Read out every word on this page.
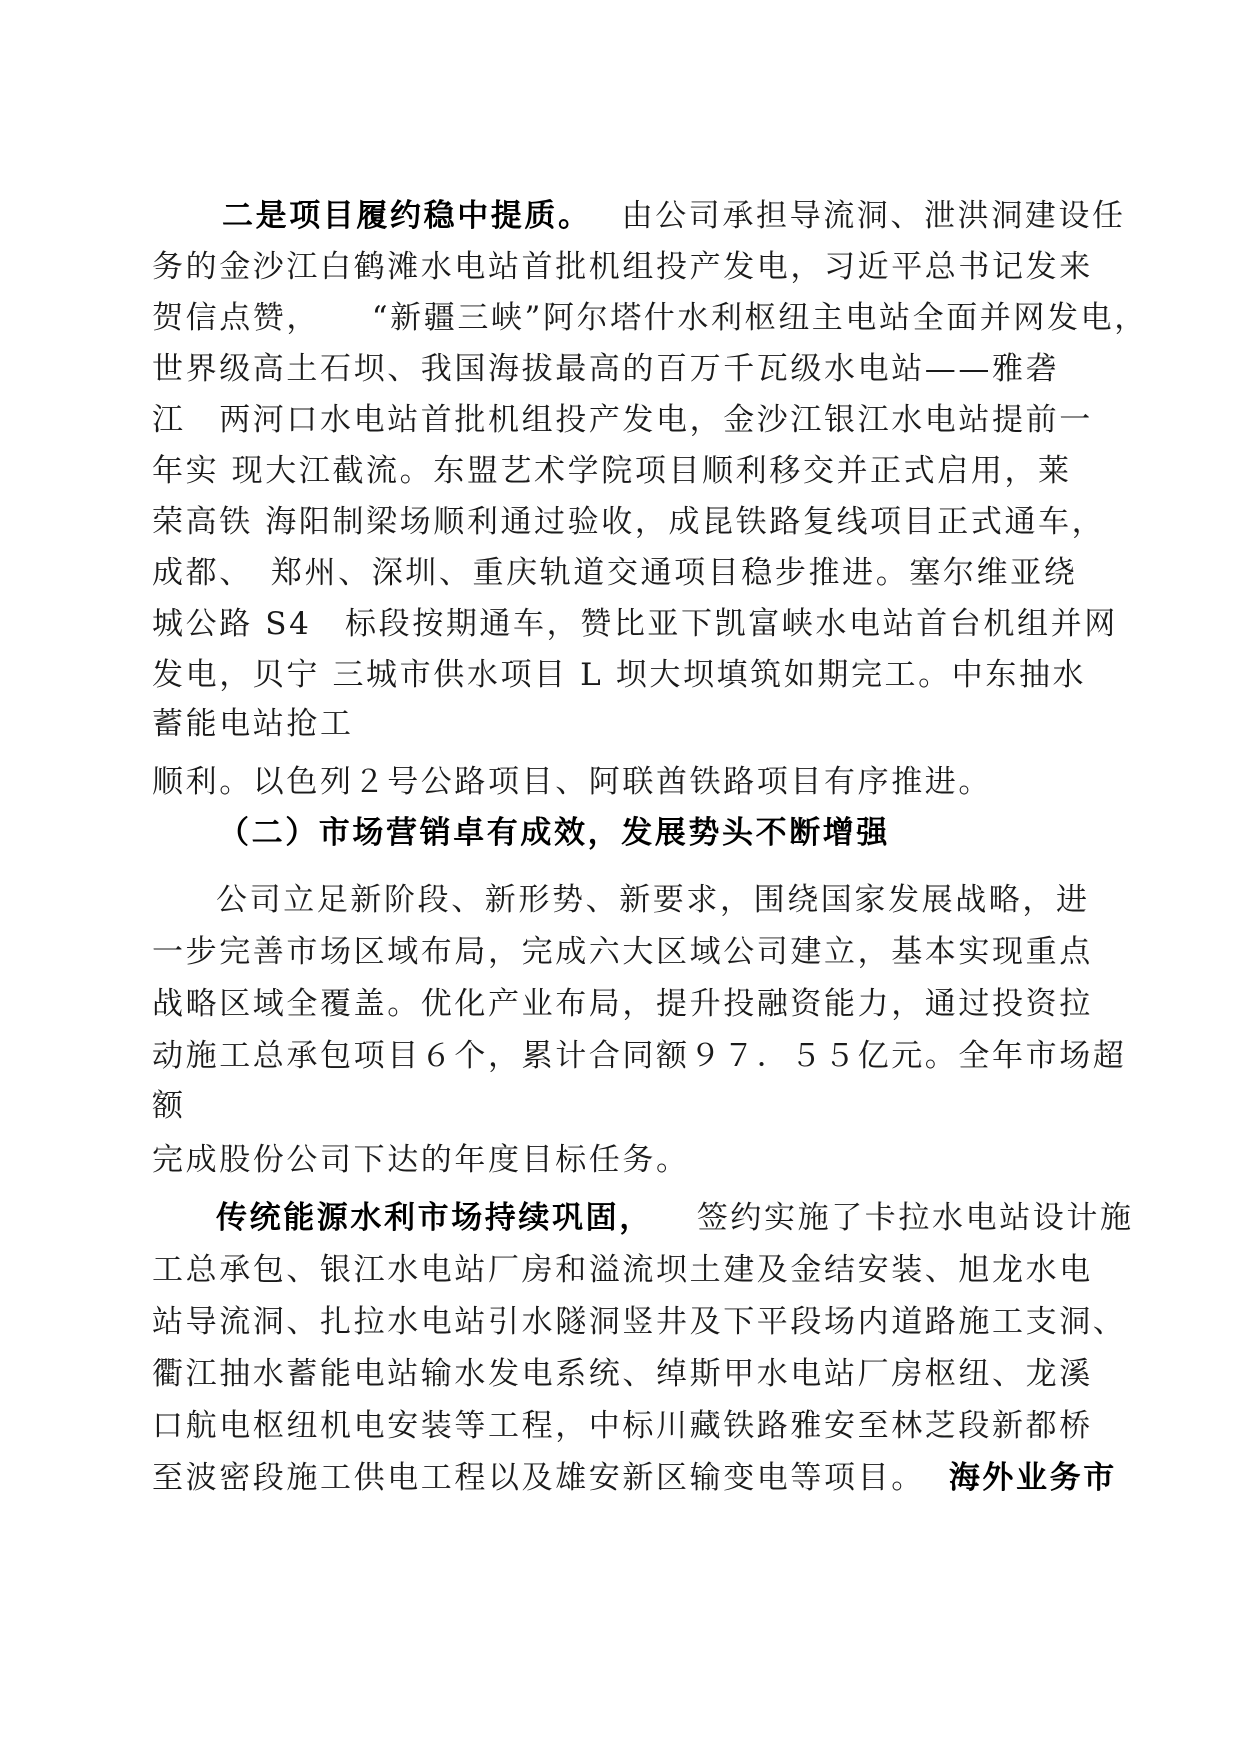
二是项目履约稳中提质。 由公司承担导流洞、泄洪洞建设任
务的金沙江白鹤滩水电站首批机组投产发电，习近平总书记发来
贺信点赞，　　“新疆三峡”阿尔塔什水利枢纽主电站全面并网发电，
世界级高土石坝、我国海拔最高的百万千瓦级水电站——雅砻
江　两河口水电站首批机组投产发电，金沙江银江水电站提前一
年实 现大江截流。东盟艺术学院项目顺利移交并正式启用，莱
荣高铁 海阳制梁场顺利通过验收，成昆铁路复线项目正式通车，
成都、　郑州、深圳、重庆轨道交通项目稳步推进。塞尔维亚绕
城公路 S4　标段按期通车，赞比亚下凯富峡水电站首台机组并网
发电，贝宁 三城市供水项目 L 坝大坝填筑如期完工。中东抽水
蓄能电站抢工
顺利。以色列２号公路项目、阿联酋铁路项目有序推进。
（二）市场营销卓有成效，发展势头不断增强
公司立足新阶段、新形势、新要求，围绕国家发展战略，进
一步完善市场区域布局，完成六大区域公司建立，基本实现重点
战略区域全覆盖。优化产业布局，提升投融资能力，通过投资拉
动施工总承包项目６个，累计合同额９７．５５亿元。全年市场超
额
完成股份公司下达的年度目标任务。
传统能源水利市场持续巩固， 签约实施了卡拉水电站设计施
工总承包、银江水电站厂房和溢流坝土建及金结安装、旭龙水电
站导流洞、扎拉水电站引水隧洞竖井及下平段场内道路施工支洞、
衢江抽水蓄能电站输水发电系统、绰斯甲水电站厂房枢纽、龙溪
口航电枢纽机电安装等工程，中标川藏铁路雅安至林芝段新都桥
至波密段施工供电工程以及雄安新区输变电等项目。 海外业务市
